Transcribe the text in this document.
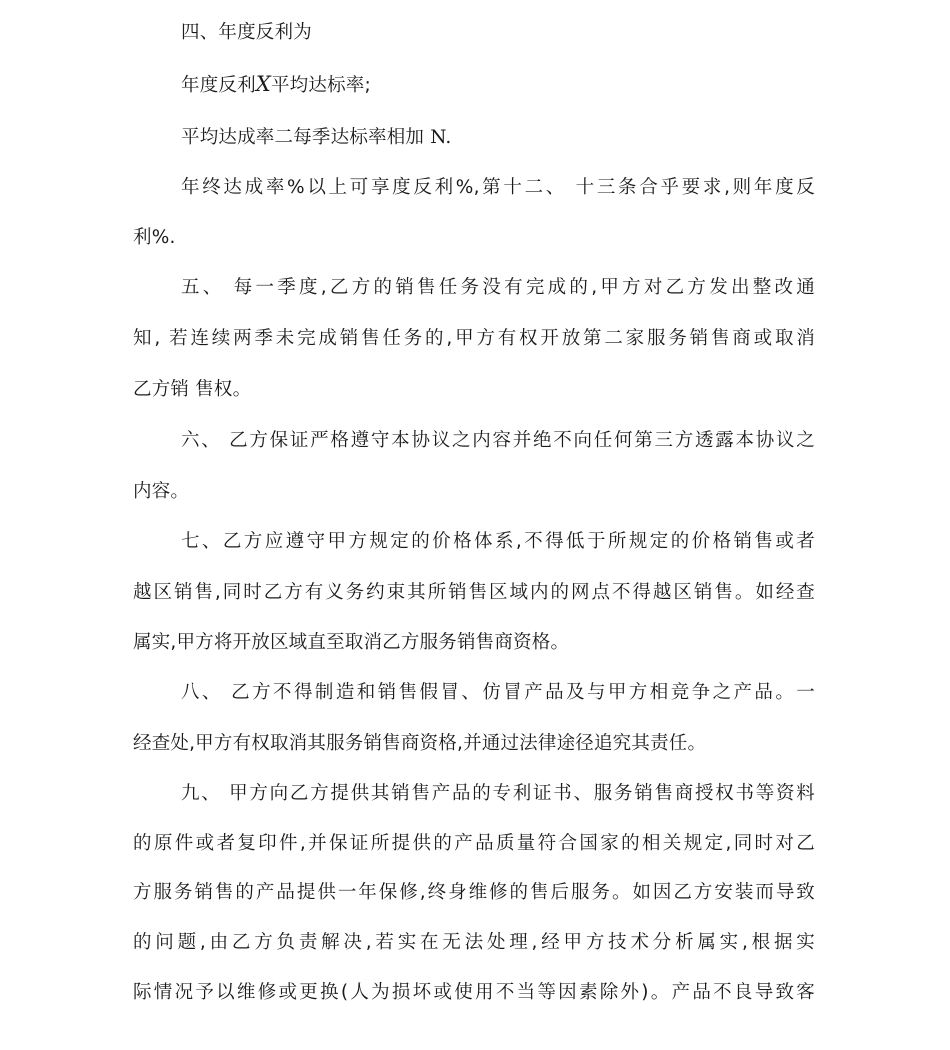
四、年度反利为

年度反利X平均达标率;

平均达成率二每季达标率相加 N.

年终达成率%以上可享度反利%,第十二、 十三条合乎要求,则年度反

利%.

五、 每一季度,乙方的销售任务没有完成的,甲方对乙方发出整改通

知, 若连续两季未完成销售任务的,甲方有权开放第二家服务销售商或取消

乙方销 售权。

六、 乙方保证严格遵守本协议之内容并绝不向任何第三方透露本协议之

内容。

七、乙方应遵守甲方规定的价格体系,不得低于所规定的价格销售或者

越区销售,同时乙方有义务约束其所销售区域内的网点不得越区销售。如经查

属实,甲方将开放区域直至取消乙方服务销售商资格。

八、 乙方不得制造和销售假冒、仿冒产品及与甲方相竞争之产品。一

经查处,甲方有权取消其服务销售商资格,并通过法律途径追究其责任。

九、 甲方向乙方提供其销售产品的专利证书、服务销售商授权书等资料

的原件或者复印件,并保证所提供的产品质量符合国家的相关规定,同时对乙

方服务销售的产品提供一年保修,终身维修的售后服务。如因乙方安装而导致

的问题,由乙方负责解决,若实在无法处理,经甲方技术分析属实,根据实

际情况予以维修或更换(人为损坏或使用不当等因素除外)。产品不良导致客
